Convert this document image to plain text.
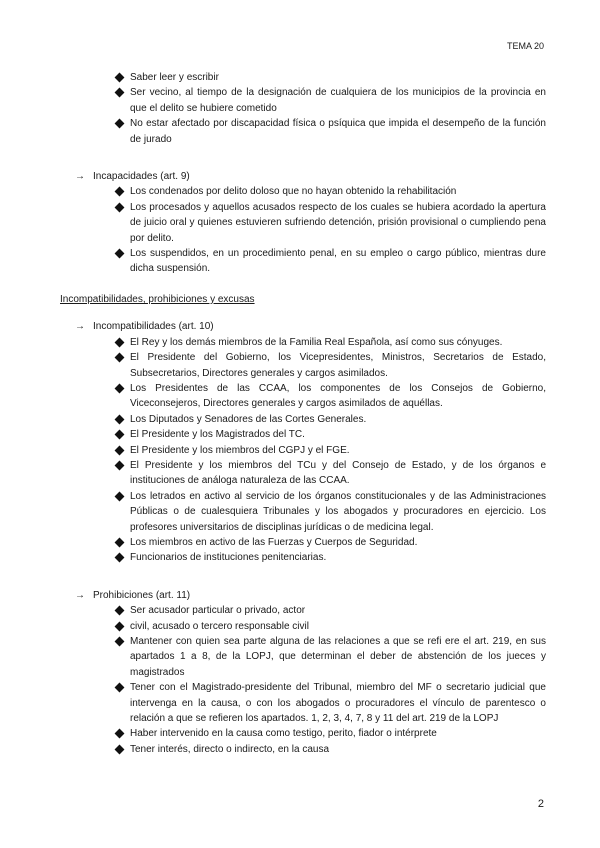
TEMA 20
Saber leer y escribir
Ser vecino, al tiempo de la designación de cualquiera de los municipios de la provincia en que el delito se hubiere cometido
No estar afectado por discapacidad física o psíquica que impida el desempeño de la función de jurado
→ Incapacidades (art. 9)
Los condenados por delito doloso que no hayan obtenido la rehabilitación
Los procesados y aquellos acusados respecto de los cuales se hubiera acordado la apertura de juicio oral y quienes estuvieren sufriendo detención, prisión provisional o cumpliendo pena por delito.
Los suspendidos, en un procedimiento penal, en su empleo o cargo público, mientras dure dicha suspensión.
Incompatibilidades, prohibiciones y excusas
→ Incompatibilidades (art. 10)
El Rey y los demás miembros de la Familia Real Española, así como sus cónyuges.
El Presidente del Gobierno, los Vicepresidentes, Ministros, Secretarios de Estado, Subsecretarios, Directores generales y cargos asimilados.
Los Presidentes de las CCAA, los componentes de los Consejos de Gobierno, Viceconsejeros, Directores generales y cargos asimilados de aquéllas.
Los Diputados y Senadores de las Cortes Generales.
El Presidente y los Magistrados del TC.
El Presidente y los miembros del CGPJ y el FGE.
El Presidente y los miembros del TCu y del Consejo de Estado, y de los órganos e instituciones de análoga naturaleza de las CCAA.
Los letrados en activo al servicio de los órganos constitucionales y de las Administraciones Públicas o de cualesquiera Tribunales y los abogados y procuradores en ejercicio. Los profesores universitarios de disciplinas jurídicas o de medicina legal.
Los miembros en activo de las Fuerzas y Cuerpos de Seguridad.
Funcionarios de instituciones penitenciarias.
→ Prohibiciones (art. 11)
Ser acusador particular o privado, actor
civil, acusado o tercero responsable civil
Mantener con quien sea parte alguna de las relaciones a que se refi ere el art. 219, en sus apartados 1 a 8, de la LOPJ, que determinan el deber de abstención de los jueces y magistrados
Tener con el Magistrado-presidente del Tribunal, miembro del MF o secretario judicial que intervenga en la causa, o con los abogados o procuradores el vínculo de parentesco o relación a que se refieren los apartados. 1, 2, 3, 4, 7, 8 y 11 del art. 219 de la LOPJ
Haber intervenido en la causa como testigo, perito, fiador o intérprete
Tener interés, directo o indirecto, en la causa
2
